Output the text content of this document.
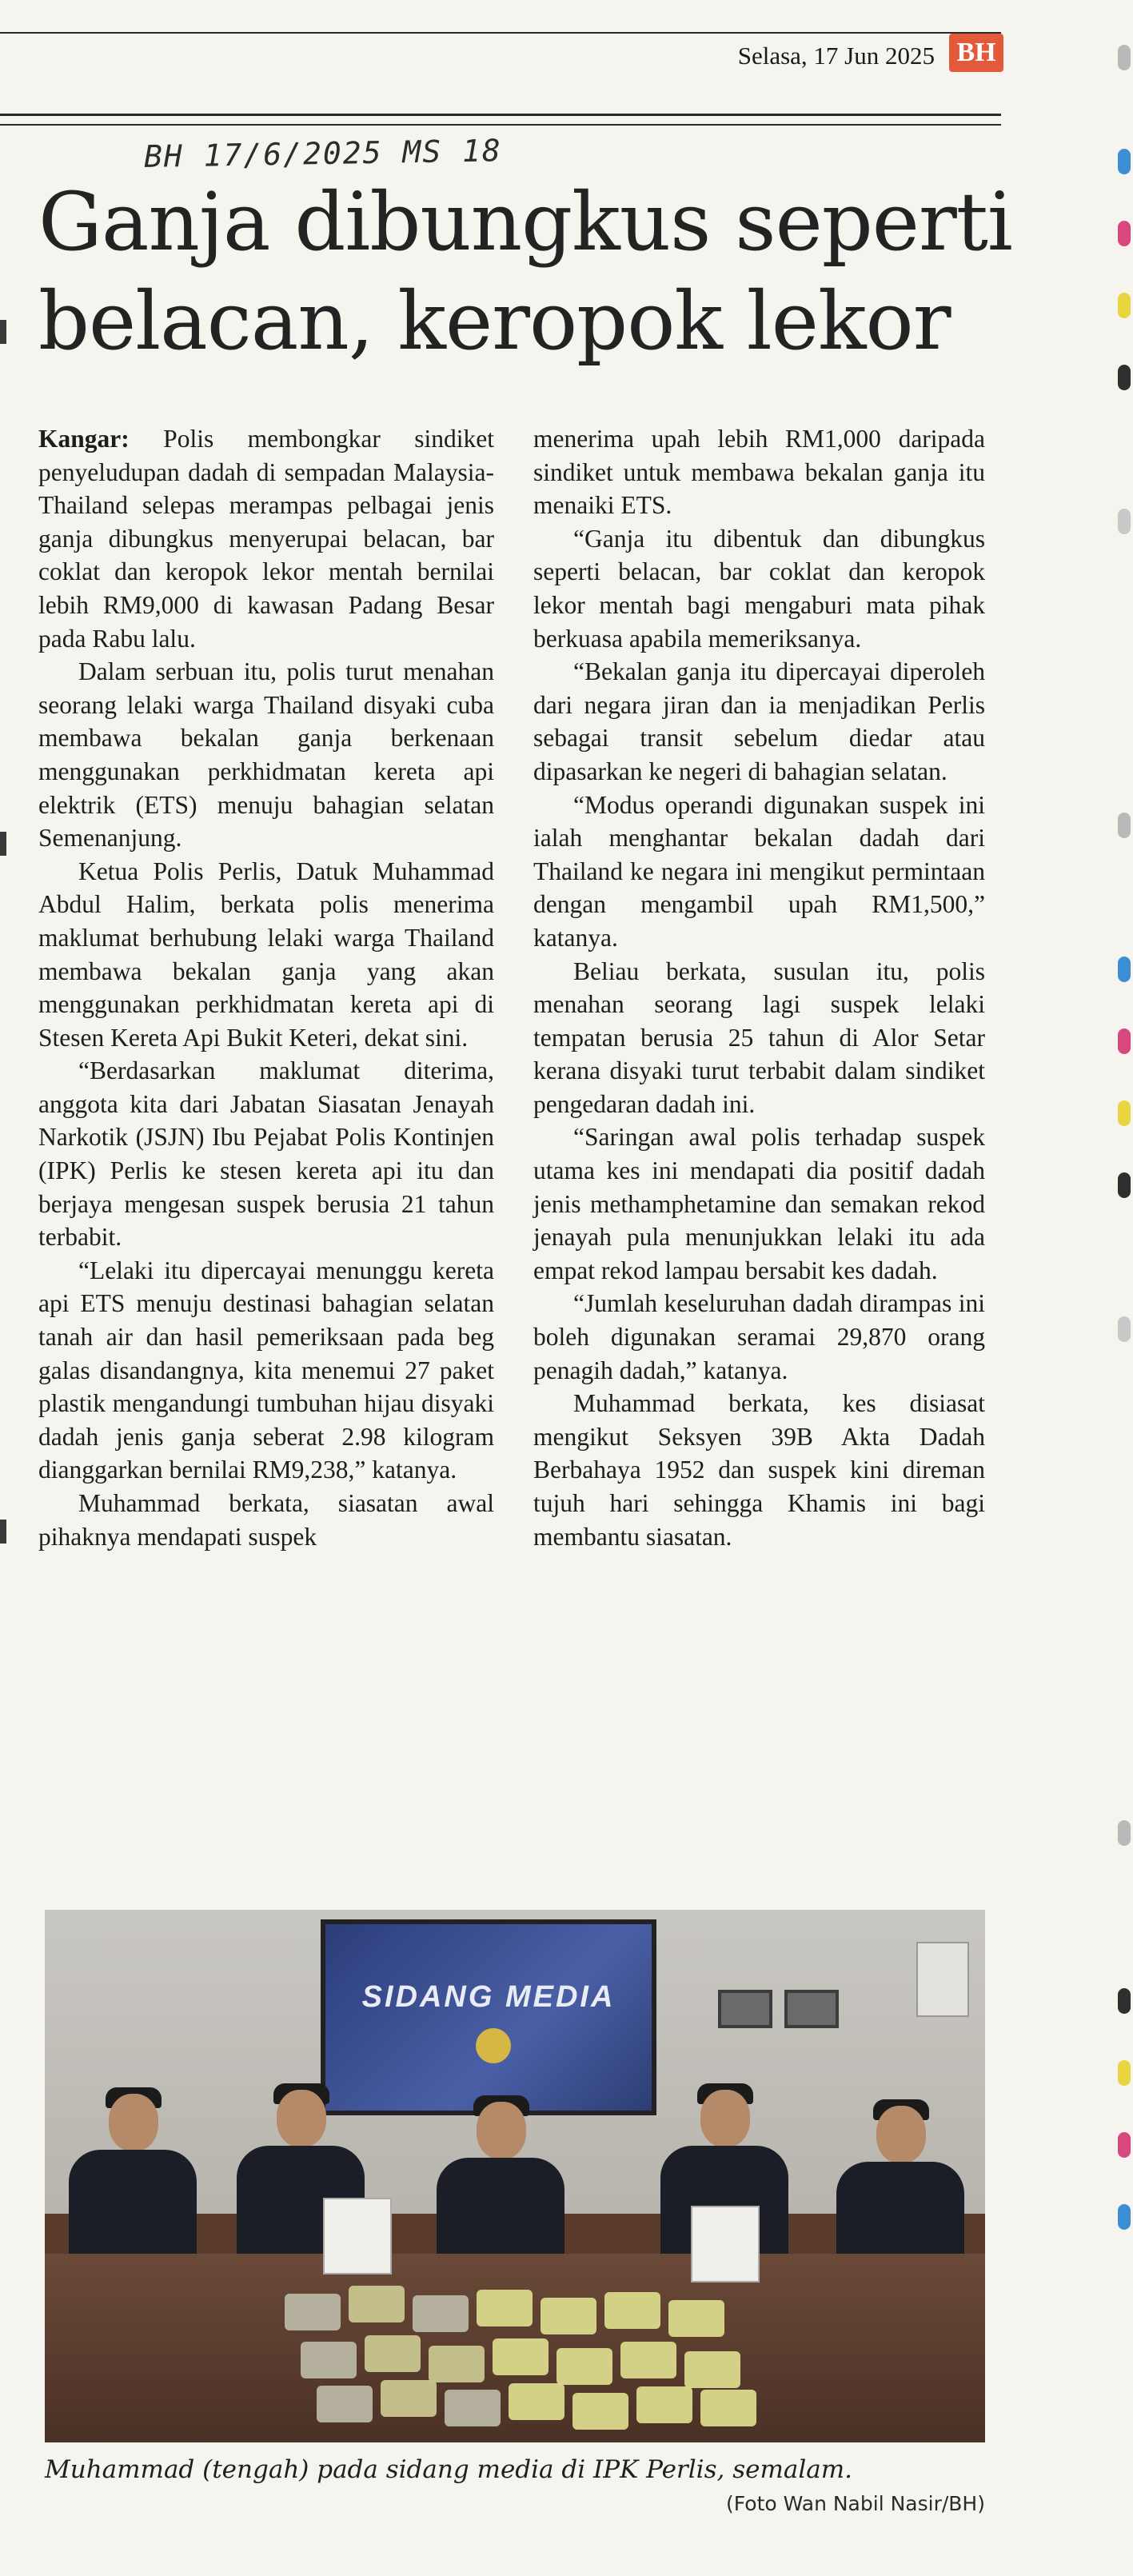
Selasa, 17 Jun 2025 BH
BH 17/6/2025 MS 18
Ganja dibungkus seperti
belacan, keropok lekor

Kangar: Polis membongkar sindiket penyeludupan dadah di sempadan Malaysia-Thailand selepas merampas pelbagai jenis ganja dibungkus menyerupai belacan, bar coklat dan keropok lekor mentah bernilai lebih RM9,000 di kawasan Padang Besar pada Rabu lalu.

Dalam serbuan itu, polis turut menahan seorang lelaki warga Thailand disyaki cuba membawa bekalan ganja berkenaan menggunakan perkhidmatan kereta api elektrik (ETS) menuju bahagian selatan Semenanjung.

Ketua Polis Perlis, Datuk Muhammad Abdul Halim, berkata polis menerima maklumat berhubung lelaki warga Thailand membawa bekalan ganja yang akan menggunakan perkhidmatan kereta api di Stesen Kereta Api Bukit Keteri, dekat sini.

“Berdasarkan maklumat diterima, anggota kita dari Jabatan Siasatan Jenayah Narkotik (JSJN) Ibu Pejabat Polis Kontinjen (IPK) Perlis ke stesen kereta api itu dan berjaya mengesan suspek berusia 21 tahun terbabit.

“Lelaki itu dipercayai menunggu kereta api ETS menuju destinasi bahagian selatan tanah air dan hasil pemeriksaan pada beg galas disandangnya, kita menemui 27 paket plastik mengandungi tumbuhan hijau disyaki dadah jenis ganja seberat 2.98 kilogram dianggarkan bernilai RM9,238,” katanya.

Muhammad berkata, siasatan awal pihaknya mendapati suspek

menerima upah lebih RM1,000 daripada sindiket untuk membawa bekalan ganja itu menaiki ETS.

“Ganja itu dibentuk dan dibungkus seperti belacan, bar coklat dan keropok lekor mentah bagi mengaburi mata pihak berkuasa apabila memeriksanya.

“Bekalan ganja itu dipercayai diperoleh dari negara jiran dan ia menjadikan Perlis sebagai transit sebelum diedar atau dipasarkan ke negeri di bahagian selatan.

“Modus operandi digunakan suspek ini ialah menghantar bekalan dadah dari Thailand ke negara ini mengikut permintaan dengan mengambil upah RM1,500,” katanya.

Beliau berkata, susulan itu, polis menahan seorang lagi suspek lelaki tempatan berusia 25 tahun di Alor Setar kerana disyaki turut terbabit dalam sindiket pengedaran dadah ini.

“Saringan awal polis terhadap suspek utama kes ini mendapati dia positif dadah jenis methamphetamine dan semakan rekod jenayah pula menunjukkan lelaki itu ada empat rekod lampau bersabit kes dadah.

“Jumlah keseluruhan dadah dirampas ini boleh digunakan seramai 29,870 orang penagih dadah,” katanya.

Muhammad berkata, kes disiasat mengikut Seksyen 39B Akta Dadah Berbahaya 1952 dan suspek kini direman tujuh hari sehingga Khamis ini bagi membantu siasatan.

SIDANG MEDIA
Muhammad (tengah) pada sidang media di IPK Perlis, semalam.
(Foto Wan Nabil Nasir/BH)
